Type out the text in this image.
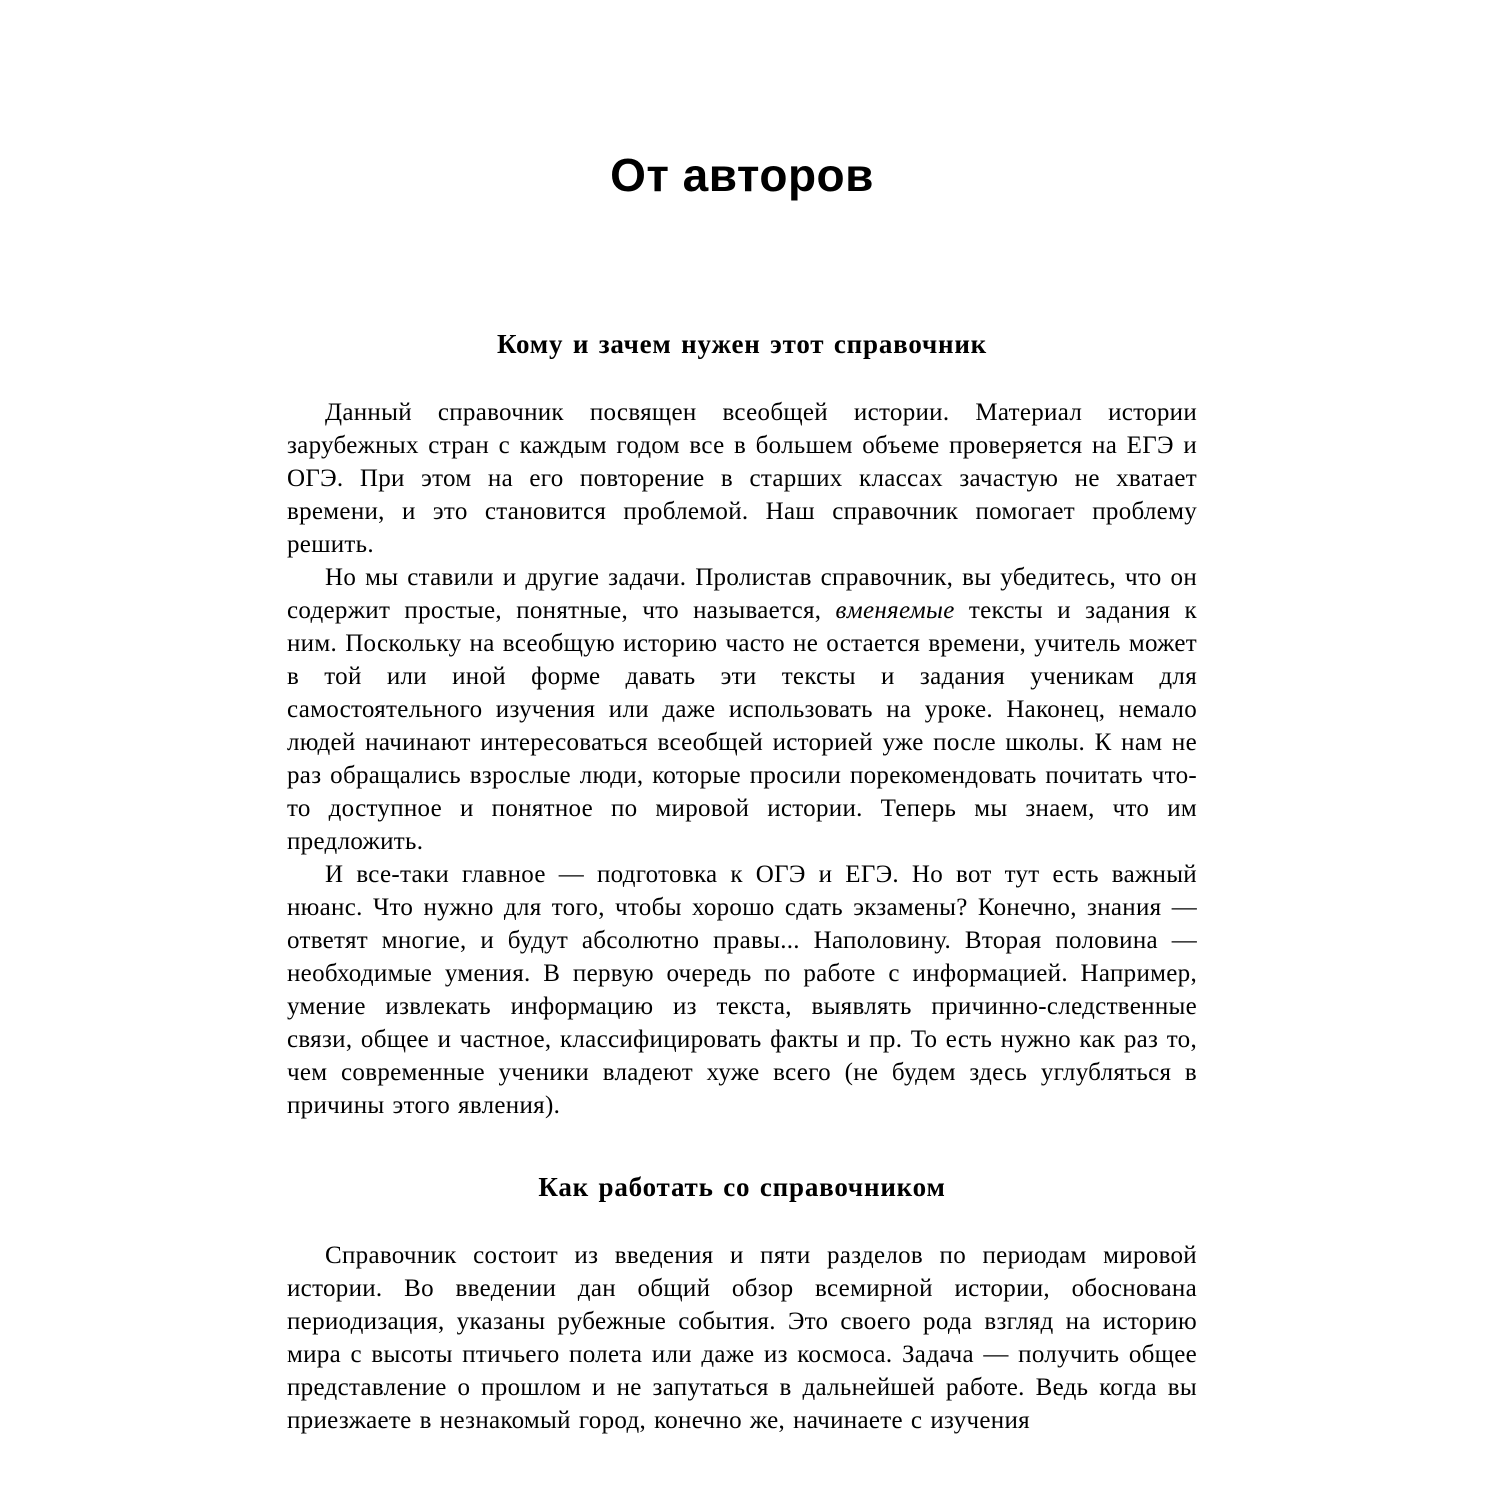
От авторов
Кому и зачем нужен этот справочник

Данный справочник посвящен всеобщей истории. Материал истории зарубежных стран с каждым годом все в большем объеме проверяется на ЕГЭ и ОГЭ. При этом на его повторение в старших классах зачастую не хватает времени, и это становится проблемой. Наш справочник помогает проблему решить.

Но мы ставили и другие задачи. Пролистав справочник, вы убедитесь, что он содержит простые, понятные, что называется, вменяемые тексты и задания к ним. Поскольку на всеобщую историю часто не остается времени, учитель может в той или иной форме давать эти тексты и задания ученикам для самостоятельного изучения или даже использовать на уроке. Наконец, немало людей начинают интересоваться всеобщей историей уже после школы. К нам не раз обращались взрослые люди, которые просили порекомендовать почитать что-то доступное и понятное по мировой истории. Теперь мы знаем, что им предложить.

И все-таки главное — подготовка к ОГЭ и ЕГЭ. Но вот тут есть важный нюанс. Что нужно для того, чтобы хорошо сдать экзамены? Конечно, знания — ответят многие, и будут абсолютно правы... Наполовину. Вторая половина — необходимые умения. В первую очередь по работе с информацией. Например, умение извлекать информацию из текста, выявлять причинно-следственные связи, общее и частное, классифицировать факты и пр. То есть нужно как раз то, чем современные ученики владеют хуже всего (не будем здесь углубляться в причины этого явления).

Как работать со справочником

Справочник состоит из введения и пяти разделов по периодам мировой истории. Во введении дан общий обзор всемирной истории, обоснована периодизация, указаны рубежные события. Это своего рода взгляд на историю мира с высоты птичьего полета или даже из космоса. Задача — получить общее представление о прошлом и не запутаться в дальнейшей работе. Ведь когда вы приезжаете в незнакомый город, конечно же, начинаете с изучения
